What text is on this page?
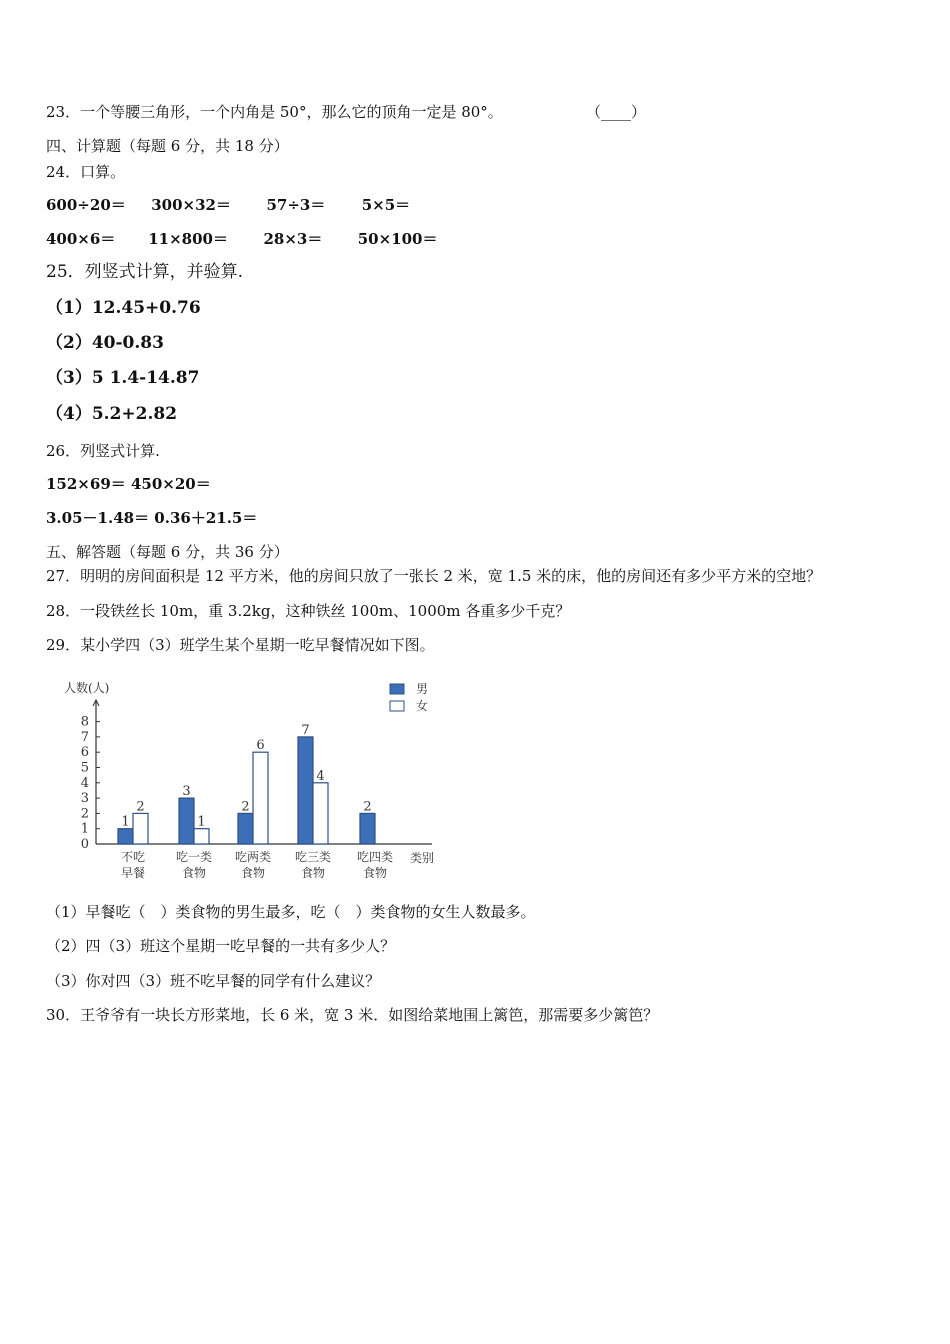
23．一个等腰三角形，一个内角是 50°，那么它的顶角一定是 80°。	（____）
四、计算题（每题 6 分，共 18 分）
24．口算。
600÷20＝ 300×32＝ 57÷3＝ 5×5＝
400×6＝ 11×800＝ 28×3＝ 50×100＝
25．列竖式计算，并验算.
（1）12.45+0.76
（2）40-0.83
（3）5 1.4-14.87
（4）5.2+2.82
26．列竖式计算.
152×69＝ 450×20＝
3.05－1.48＝ 0.36＋21.5＝
五、解答题（每题 6 分，共 36 分）
27．明明的房间面积是 12 平方米，他的房间只放了一张长 2 米，宽 1.5 米的床，他的房间还有多少平方米的空地？
28．一段铁丝长 10m，重 3.2kg，这种铁丝 100m、1000m 各重多少千克？
29．某小学四（3）班学生某个星期一吃早餐情况如下图。
0
1
2
3
4
5
6
7
8
人数(人)
类别
1
2
不吃
早餐
3
1
吃一类
食物
2
6
吃两类
食物
7
4
吃三类
食物
2
吃四类
食物
男
女
（1）早餐吃（　）类食物的男生最多，吃（　）类食物的女生人数最多。
（2）四（3）班这个星期一吃早餐的一共有多少人？
（3）你对四（3）班不吃早餐的同学有什么建议？
30．王爷爷有一块长方形菜地，长 6 米，宽 3 米．如图给菜地围上篱笆，那需要多少篱笆？
